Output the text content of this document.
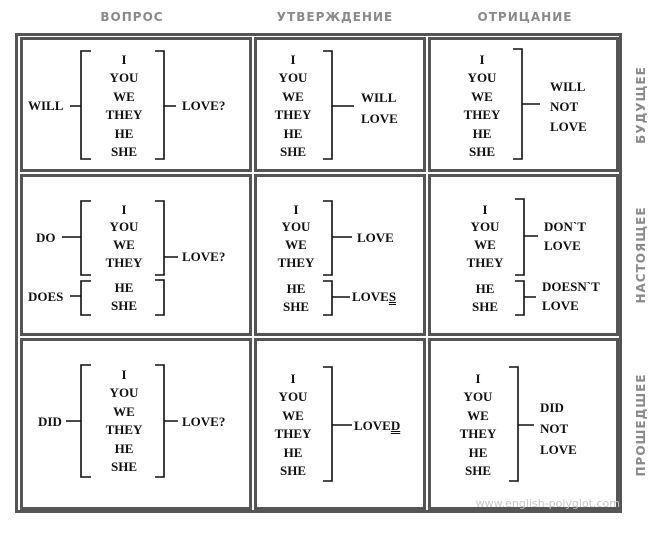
ВОПРОС	УТВЕРЖДЕНИЕ	ОТРИЦАНИЕ
БУДУЩЕЕ
НАСТОЯЩЕЕ
ПРОШЕДШЕЕ
WILL
I
YOU
WE
THEY
HE
SHE
LOVE?
I
YOU
WE
THEY
HE
SHE
WILL
LOVE
I
YOU
WE
THEY
HE
SHE
WILL
NOT
LOVE
DO
DOES
I
YOU
WE
THEY
HE
SHE
LOVE?
I
YOU
WE
THEY
LOVE
HE
SHE
LOVES
I
YOU
WE
THEY
DON`T
LOVE
HE
SHE
DOESN`T
LOVE
DID
I
YOU
WE
THEY
HE
SHE
LOVE?
I
YOU
WE
THEY
HE
SHE
LOVED
I
YOU
WE
THEY
HE
SHE
DID
NOT
LOVE
www.english-polyglot.com
